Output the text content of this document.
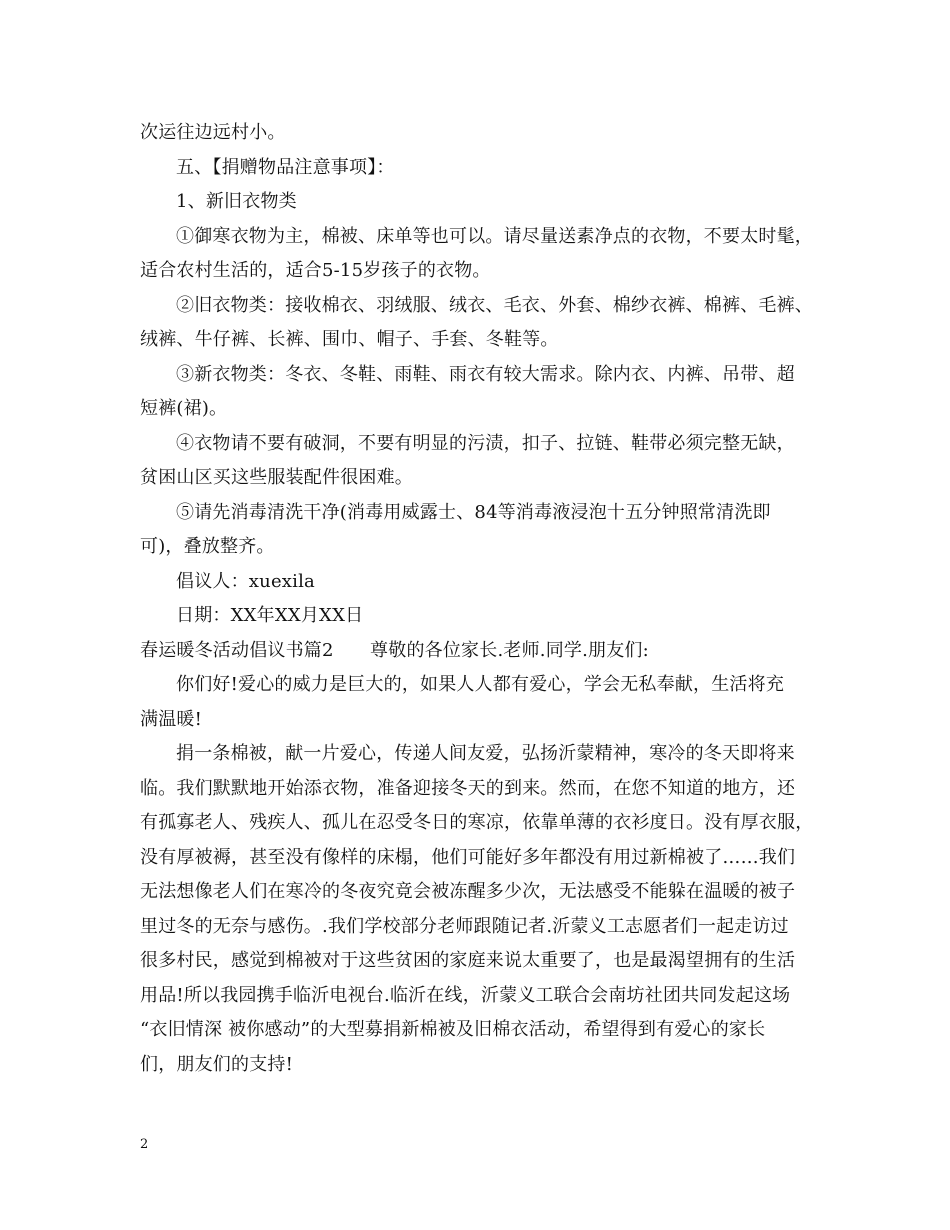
次运往边远村小。
五、【捐赠物品注意事项】：
1、新旧衣物类
①御寒衣物为主，棉被、床单等也可以。请尽量送素净点的衣物，不要太时髦，
适合农村生活的，适合5-15岁孩子的衣物。
②旧衣物类：接收棉衣、羽绒服、绒衣、毛衣、外套、棉纱衣裤、棉裤、毛裤、
绒裤、牛仔裤、长裤、围巾、帽子、手套、冬鞋等。
③新衣物类：冬衣、冬鞋、雨鞋、雨衣有较大需求。除内衣、内裤、吊带、超
短裤(裙)。
④衣物请不要有破洞，不要有明显的污渍，扣子、拉链、鞋带必须完整无缺，
贫困山区买这些服装配件很困难。
⑤请先消毒清洗干净(消毒用威露士、84等消毒液浸泡十五分钟照常清洗即
可)，叠放整齐。
倡议人：xuexila
日期：XX年XX月XX日
春运暖冬活动倡议书篇2　　尊敬的各位家长.老师.同学.朋友们:
你们好!爱心的威力是巨大的，如果人人都有爱心，学会无私奉献，生活将充
满温暖!
捐一条棉被，献一片爱心，传递人间友爱，弘扬沂蒙精神，寒冷的冬天即将来
临。我们默默地开始添衣物，准备迎接冬天的到来。然而，在您不知道的地方，还
有孤寡老人、残疾人、孤儿在忍受冬日的寒凉，依靠单薄的衣衫度日。没有厚衣服，
没有厚被褥，甚至没有像样的床榻，他们可能好多年都没有用过新棉被了……我们
无法想像老人们在寒冷的冬夜究竟会被冻醒多少次，无法感受不能躲在温暖的被子
里过冬的无奈与感伤。.我们学校部分老师跟随记者.沂蒙义工志愿者们一起走访过
很多村民，感觉到棉被对于这些贫困的家庭来说太重要了，也是最渴望拥有的生活
用品!所以我园携手临沂电视台.临沂在线，沂蒙义工联合会南坊社团共同发起这场
“衣旧情深 被你感动”的大型募捐新棉被及旧棉衣活动，希望得到有爱心的家长
们，朋友们的支持!
2
